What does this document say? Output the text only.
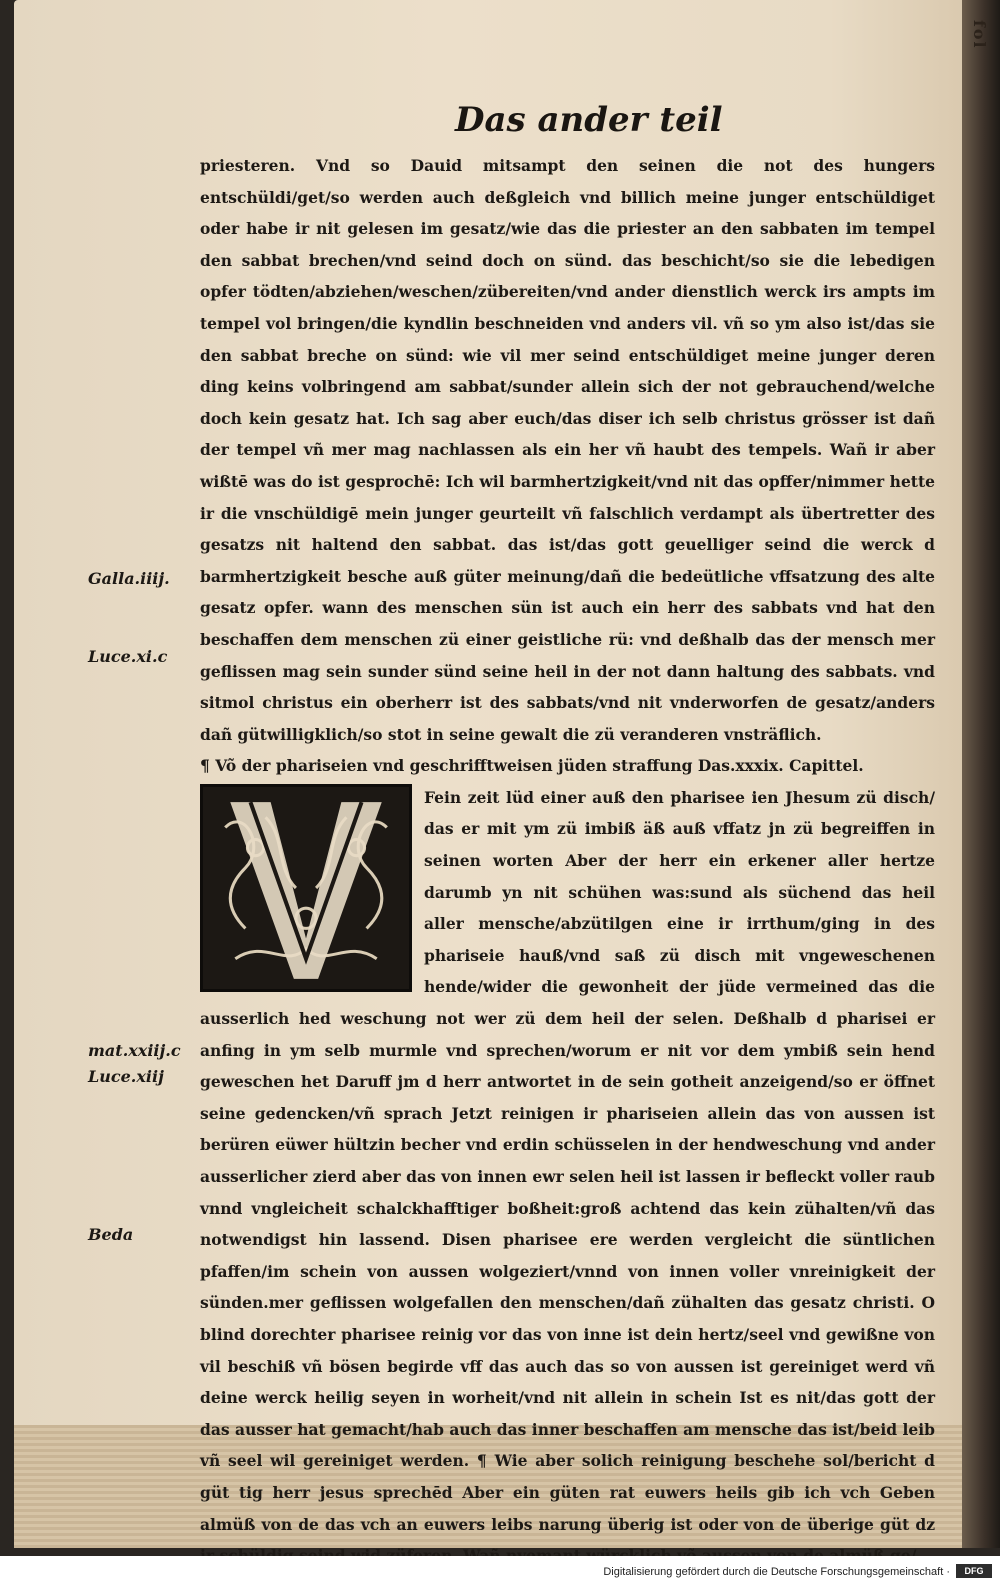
fol
Das ander teil
Galla.iiij.
Luce.xi.c
mat.xxiij.c
Luce.xiij
Beda

priesteren. Vnd so Dauid mitsampt den seinen die not des hungers entschüldi/get/so werden auch deßgleich vnd billich meine junger entschüldiget oder habe ir nit gelesen im gesatz/wie das die priester an den sabbaten im tempel den sabbat brechen/vnd seind doch on sünd. das beschicht/so sie die lebedigen opfer tödten/abziehen/weschen/zübereiten/vnd ander dienstlich werck irs ampts im tempel vol bringen/die kyndlin beschneiden vnd anders vil. vñ so ym also ist/das sie den sabbat breche on sünd: wie vil mer seind entschüldiget meine junger deren ding keins volbringend am sabbat/sunder allein sich der not gebrauchend/welche doch kein gesatz hat. Ich sag aber euch/das diser ich selb christus grösser ist dañ der tempel vñ mer mag nachlassen als ein her vñ haubt des tempels. Wañ ir aber wißtē was do ist gesprochē: Ich wil barmhertzigkeit/vnd nit das opffer/nimmer hette ir die vnschüldigē mein junger geurteilt vñ falschlich verdampt als übertretter des gesatzs nit haltend den sabbat. das ist/das gott geuelliger seind die werck d barmhertzigkeit besche auß güter meinung/dañ die bedeütliche vffsatzung des alte gesatz opfer. wann des menschen sün ist auch ein herr des sabbats vnd hat den beschaffen dem menschen zü einer geistliche rü: vnd deßhalb das der mensch mer geflissen mag sein sunder sünd seine heil in der not dann haltung des sabbats. vnd sitmol christus ein oberherr ist des sabbats/vnd nit vnderworfen de gesatz/anders dañ gütwilligklich/so stot in seine gewalt die zü veranderen vnsträflich.

¶ Võ der phariseien vnd geschrifftweisen jüden straffung Das.xxxix. Capittel.

Fein zeit lüd einer auß den pharisee ien Jhesum zü disch/ das er mit ym zü imbiß äß auß vffatz jn zü begreiffen in seinen worten Aber der herr ein erkener aller hertze darumb yn nit schühen was:sund als süchend das heil aller mensche/abzütilgen eine ir irrthum/ging in des phariseie hauß/vnd saß zü disch mit vngeweschenen hende/wider die gewonheit der jüde vermeined das die ausserlich hed weschung not wer zü dem heil der selen. Deßhalb d pharisei er anfing in ym selb murmle vnd sprechen/worum er nit vor dem ymbiß sein hend geweschen het Daruff jm d herr antwortet in de sein gotheit anzeigend/so er öffnet seine gedencken/vñ sprach Jetzt reinigen ir phariseien allein das von aussen ist berüren eüwer hültzin becher vnd erdin schüsselen in der hendweschung vnd ander ausserlicher zierd aber das von innen ewr selen heil ist lassen ir befleckt voller raub vnnd vngleicheit schalckhafftiger boßheit:groß achtend das kein zühalten/vñ das notwendigst hin lassend. Disen pharisee ere werden vergleicht die süntlichen pfaffen/im schein von aussen wolgeziert/vnnd von innen voller vnreinigkeit der sünden.mer geflissen wolgefallen den menschen/dañ zühalten das gesatz christi. O blind dorechter pharisee reinig vor das von inne ist dein hertz/seel vnd gewißne von vil beschiß vñ bösen begirde vff das auch das so von aussen ist gereiniget werd vñ deine werck heilig seyen in worheit/vnd nit allein in schein Ist es nit/das gott der das ausser hat gemacht/hab auch das inner beschaffen am mensche das ist/beid leib vñ seel wil gereiniget werden. ¶ Wie aber solich reinigung beschehe sol/bericht d güt tig herr jesus sprechēd Aber ein güten rat euwers heils gib ich vch Geben almüß von de das vch an euwers leibs narung überig ist oder von de überige güt dz

Digitalisierung gefördert durch die Deutsche Forschungsgemeinschaft ·	DFG
